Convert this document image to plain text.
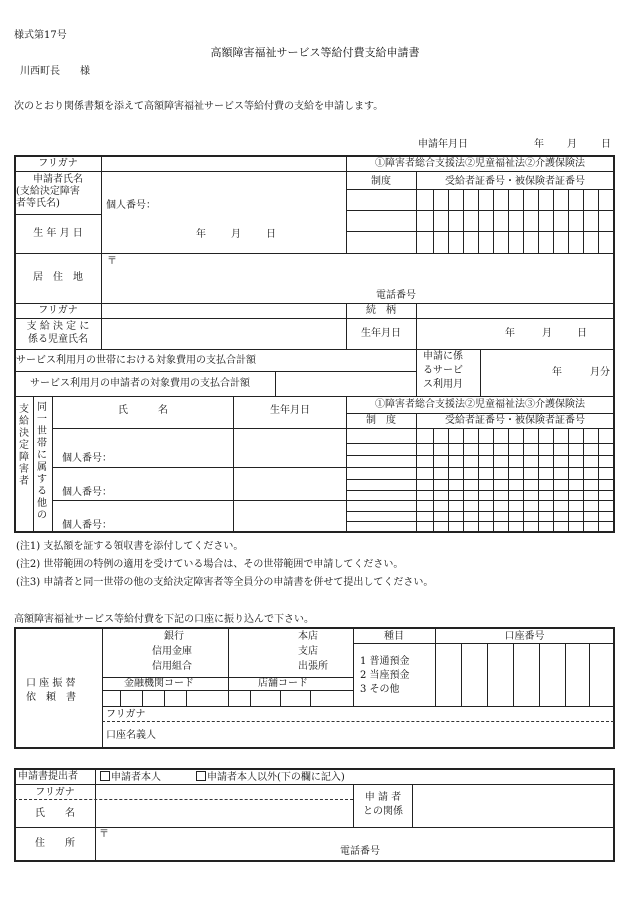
様式第17号
高額障害福祉サービス等給付費支給申請書
川西町長　　様
次のとおり関係書類を添えて高額障害福祉サービス等給付費の支給を申請します。
申請年月日	年 月 日
フリガナ	①障害者総合支援法②児童福祉法②介護保険法
申請者氏名
(支給決定障害
者等氏名)	個人番号：
制度	受給者証番号・被保険者証番号
生 年 月 日	年	月	日
居　住　地
〒
電話番号
フリガナ	続　柄
支 給 決 定 に
係る児童氏名
生年月日	年	月	日
サービス利用月の世帯における対象費用の支払合計額
サービス利用月の申請者の対象費用の支払合計額
申請に係
るサービ
ス利用月
年	月分
支給決定障害者
同一世帯に属する他の
氏　　　名	生年月日
①障害者総合支援法②児童福祉法③介護保険法
制　度	受給者証番号・被保険者証番号
個人番号：
個人番号：
個人番号：
(注1) 支払額を証する領収書を添付してください。
(注2) 世帯範囲の特例の適用を受けている場合は、その世帯範囲で申請してください。
(注3) 申請者と同一世帯の他の支給決定障害者等全員分の申請書を併せて提出してください。
高額障害福祉サービス等給付費を下記の口座に振り込んで下さい。
銀行
信用金庫
信用組合
本店
支店
出張所
種目	口座番号
1 普通預金
2 当座預金
3 その他
金融機関コード	店舗コード
口 座 振 替
依　頼　書
フリガナ
口座名義人
申請書提出者	申請者本人	申請者本人以外(下の欄に記入)
フリガナ
氏　　名
申 請 者
との関係
住　　所
〒
電話番号
